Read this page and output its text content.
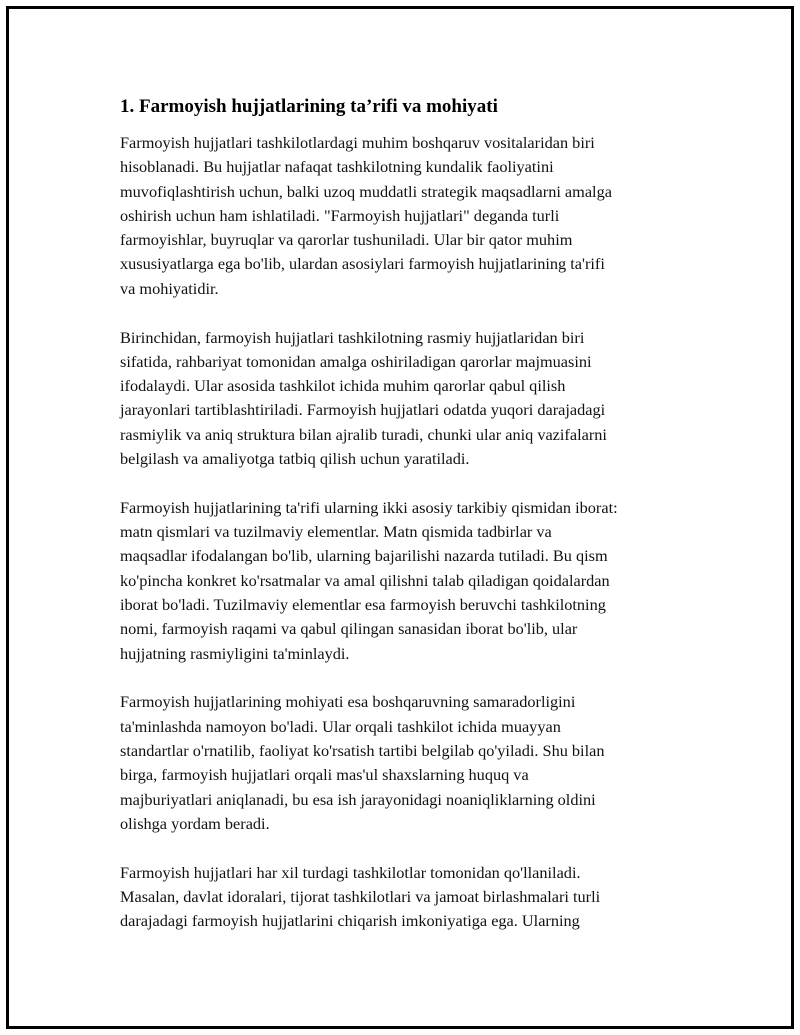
1. Farmoyish hujjatlarining ta’rifi va mohiyati

Farmoyish hujjatlari tashkilotlardagi muhim boshqaruv vositalaridan biri
hisoblanadi. Bu hujjatlar nafaqat tashkilotning kundalik faoliyatini
muvofiqlashtirish uchun, balki uzoq muddatli strategik maqsadlarni amalga
oshirish uchun ham ishlatiladi. "Farmoyish hujjatlari" deganda turli
farmoyishlar, buyruqlar va qarorlar tushuniladi. Ular bir qator muhim
xususiyatlarga ega bo'lib, ulardan asosiylari farmoyish hujjatlarining ta'rifi
va mohiyatidir.

Birinchidan, farmoyish hujjatlari tashkilotning rasmiy hujjatlaridan biri
sifatida, rahbariyat tomonidan amalga oshiriladigan qarorlar majmuasini
ifodalaydi. Ular asosida tashkilot ichida muhim qarorlar qabul qilish
jarayonlari tartiblashtiriladi. Farmoyish hujjatlari odatda yuqori darajadagi
rasmiylik va aniq struktura bilan ajralib turadi, chunki ular aniq vazifalarni
belgilash va amaliyotga tatbiq qilish uchun yaratiladi.

Farmoyish hujjatlarining ta'rifi ularning ikki asosiy tarkibiy qismidan iborat:
matn qismlari va tuzilmaviy elementlar. Matn qismida tadbirlar va
maqsadlar ifodalangan bo'lib, ularning bajarilishi nazarda tutiladi. Bu qism
ko'pincha konkret ko'rsatmalar va amal qilishni talab qiladigan qoidalardan
iborat bo'ladi. Tuzilmaviy elementlar esa farmoyish beruvchi tashkilotning
nomi, farmoyish raqami va qabul qilingan sanasidan iborat bo'lib, ular
hujjatning rasmiyligini ta'minlaydi.

Farmoyish hujjatlarining mohiyati esa boshqaruvning samaradorligini
ta'minlashda namoyon bo'ladi. Ular orqali tashkilot ichida muayyan
standartlar o'rnatilib, faoliyat ko'rsatish tartibi belgilab qo'yiladi. Shu bilan
birga, farmoyish hujjatlari orqali mas'ul shaxslarning huquq va
majburiyatlari aniqlanadi, bu esa ish jarayonidagi noaniqliklarning oldini
olishga yordam beradi.

Farmoyish hujjatlari har xil turdagi tashkilotlar tomonidan qo'llaniladi.
Masalan, davlat idoralari, tijorat tashkilotlari va jamoat birlashmalari turli
darajadagi farmoyish hujjatlarini chiqarish imkoniyatiga ega. Ularning
